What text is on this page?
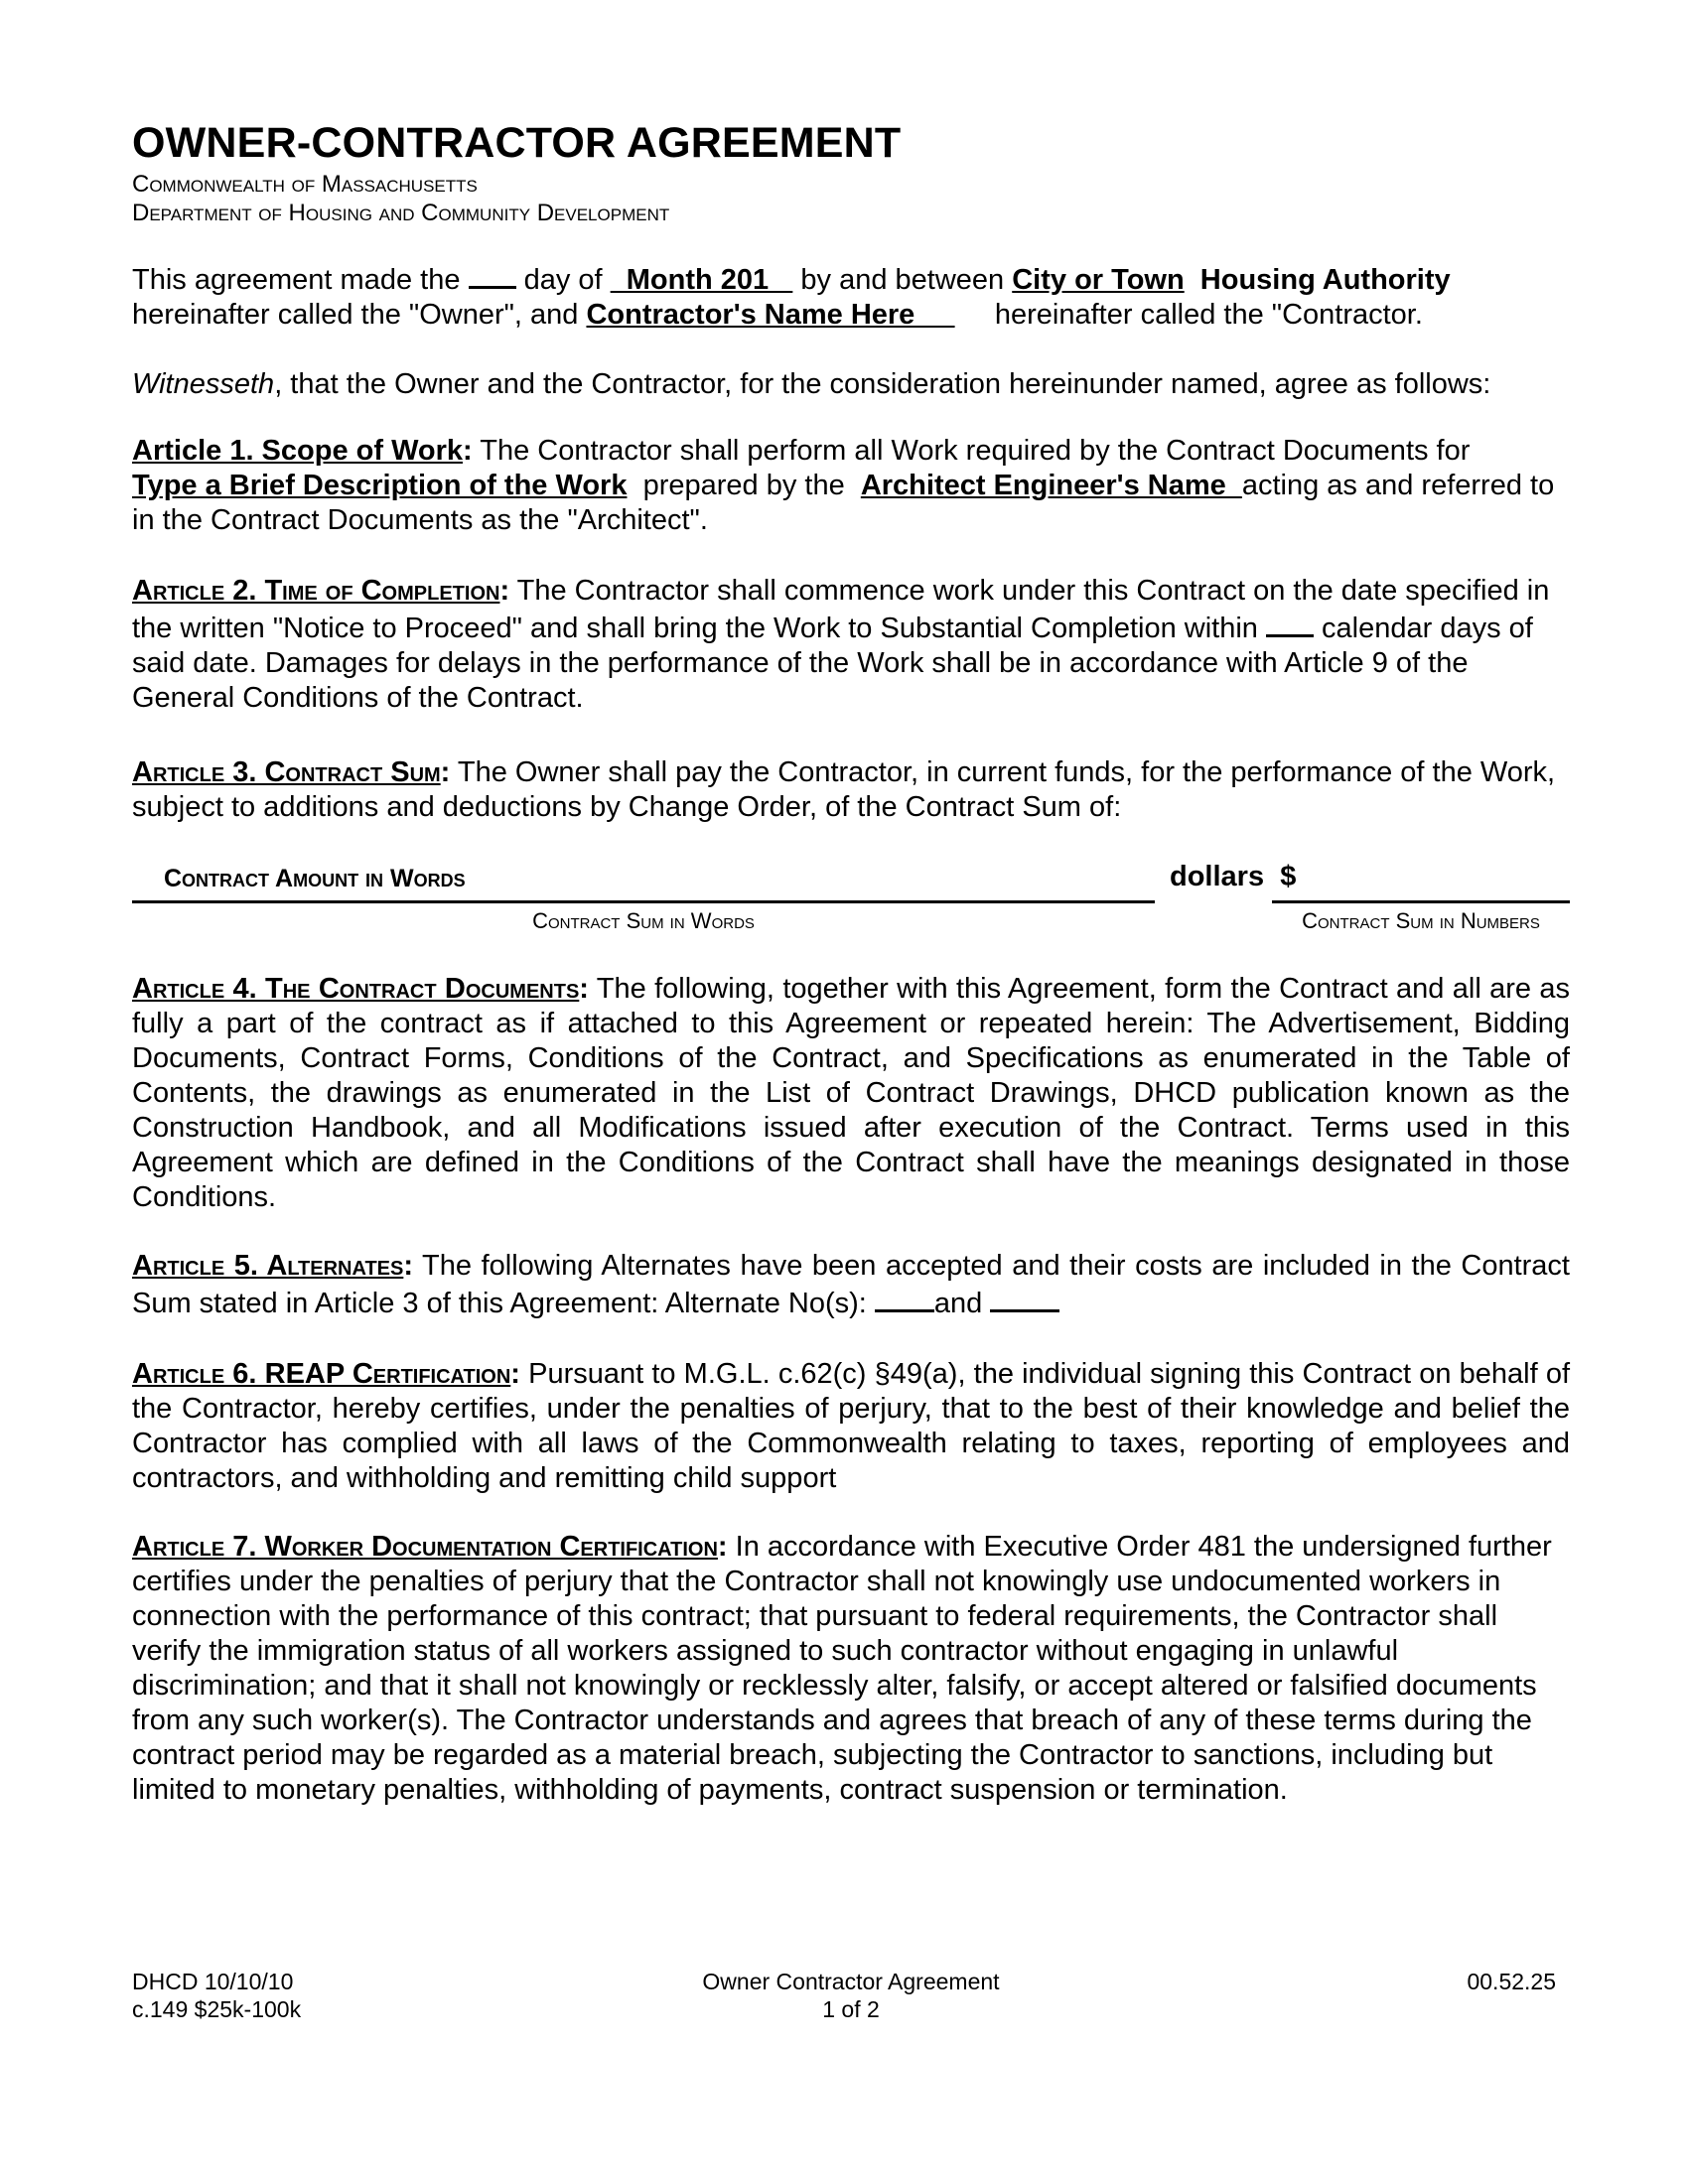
OWNER-CONTRACTOR AGREEMENT
Commonwealth of Massachusetts
Department of Housing and Community Development

This agreement made the  day of   Month 201_  by and between City or Town  Housing Authority
hereinafter called the "Owner", and Contractor's Name Here          hereinafter called the "Contractor.

Witnesseth, that the Owner and the Contractor, for the consideration hereinunder named, agree as follows:

Article 1. Scope of Work: The Contractor shall perform all Work required by the Contract Documents for
Type a Brief Description of the Work  prepared by the  Architect Engineer's Name  acting as and referred to in the Contract Documents as the "Architect".

Article 2. Time of Completion: The Contractor shall commence work under this Contract on the date specified in the written "Notice to Proceed" and shall bring the Work to Substantial Completion within  calendar days of said date. Damages for delays in the performance of the Work shall be in accordance with Article 9 of the General Conditions of the Contract.

Article 3. Contract Sum: The Owner shall pay the Contractor, in current funds, for the performance of the Work, subject to additions and deductions by Change Order, of the Contract Sum of:

Contract Amount in Words	dollars  $
Contract Sum in Words	Contract Sum in Numbers

Article 4. The Contract Documents: The following, together with this Agreement, form the Contract and all are as fully a part of the contract as if attached to this Agreement or repeated herein: The Advertisement, Bidding Documents, Contract Forms, Conditions of the Contract, and Specifications as enumerated in the Table of Contents, the drawings as enumerated in the List of Contract Drawings, DHCD publication known as the Construction Handbook, and all Modifications issued after execution of the Contract. Terms used in this Agreement which are defined in the Conditions of the Contract shall have the meanings designated in those Conditions.

Article 5. Alternates: The following Alternates have been accepted and their costs are included in the Contract Sum stated in Article 3 of this Agreement: Alternate No(s): and

Article 6. REAP Certification: Pursuant to M.G.L. c.62(c) §49(a), the individual signing this Contract on behalf of the Contractor, hereby certifies, under the penalties of perjury, that to the best of their knowledge and belief the Contractor has complied with all laws of the Commonwealth relating to taxes, reporting of employees and contractors, and withholding and remitting child support

Article 7. Worker Documentation Certification: In accordance with Executive Order 481 the undersigned further certifies under the penalties of perjury that the Contractor shall not knowingly use undocumented workers in connection with the performance of this contract; that pursuant to federal requirements, the Contractor shall verify the immigration status of all workers assigned to such contractor without engaging in unlawful discrimination; and that it shall not knowingly or recklessly alter, falsify, or accept altered or falsified documents from any such worker(s). The Contractor understands and agrees that breach of any of these terms during the contract period may be regarded as a material breach, subjecting the Contractor to sanctions, including but limited to monetary penalties, withholding of payments, contract suspension or termination.

DHCD 10/10/10
c.149 $25k-100k
Owner Contractor Agreement
1 of 2
00.52.25
